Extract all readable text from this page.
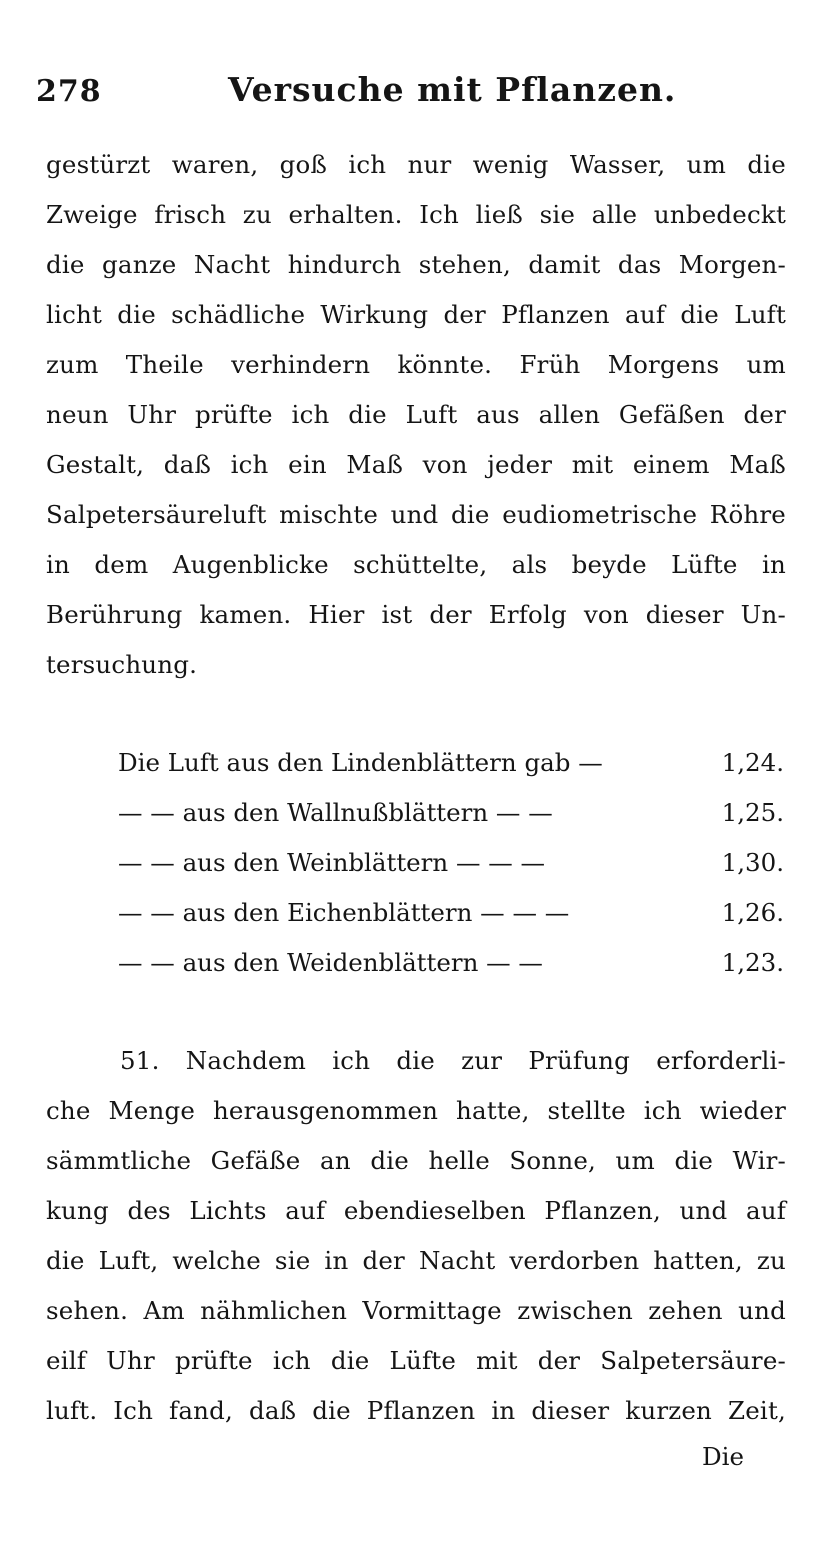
278	Versuche mit Pflanzen.
gestürzt waren, goß ich nur wenig Wasser, um die
Zweige frisch zu erhalten. Ich ließ sie alle unbedeckt
die ganze Nacht hindurch stehen, damit das Morgen-
licht die schädliche Wirkung der Pflanzen auf die Luft
zum Theile verhindern könnte. Früh Morgens um
neun Uhr prüfte ich die Luft aus allen Gefäßen der
Gestalt, daß ich ein Maß von jeder mit einem Maß
Salpetersäureluft mischte und die eudiometrische Röhre
in dem Augenblicke schüttelte, als beyde Lüfte in
Berührung kamen. Hier ist der Erfolg von dieser Un-
tersuchung.
Die Luft aus den Lindenblättern gab —	1,24.
— — aus den Wallnußblättern — —	1,25.
— — aus den Weinblättern — — —	1,30.
— — aus den Eichenblättern — — —	1,26.
— — aus den Weidenblättern — —	1,23.
51. Nachdem ich die zur Prüfung erforderli-
che Menge herausgenommen hatte, stellte ich wieder
sämmtliche Gefäße an die helle Sonne, um die Wir-
kung des Lichts auf ebendieselben Pflanzen, und auf
die Luft, welche sie in der Nacht verdorben hatten, zu
sehen. Am nähmlichen Vormittage zwischen zehen und
eilf Uhr prüfte ich die Lüfte mit der Salpetersäure-
luft. Ich fand, daß die Pflanzen in dieser kurzen Zeit,
Die
